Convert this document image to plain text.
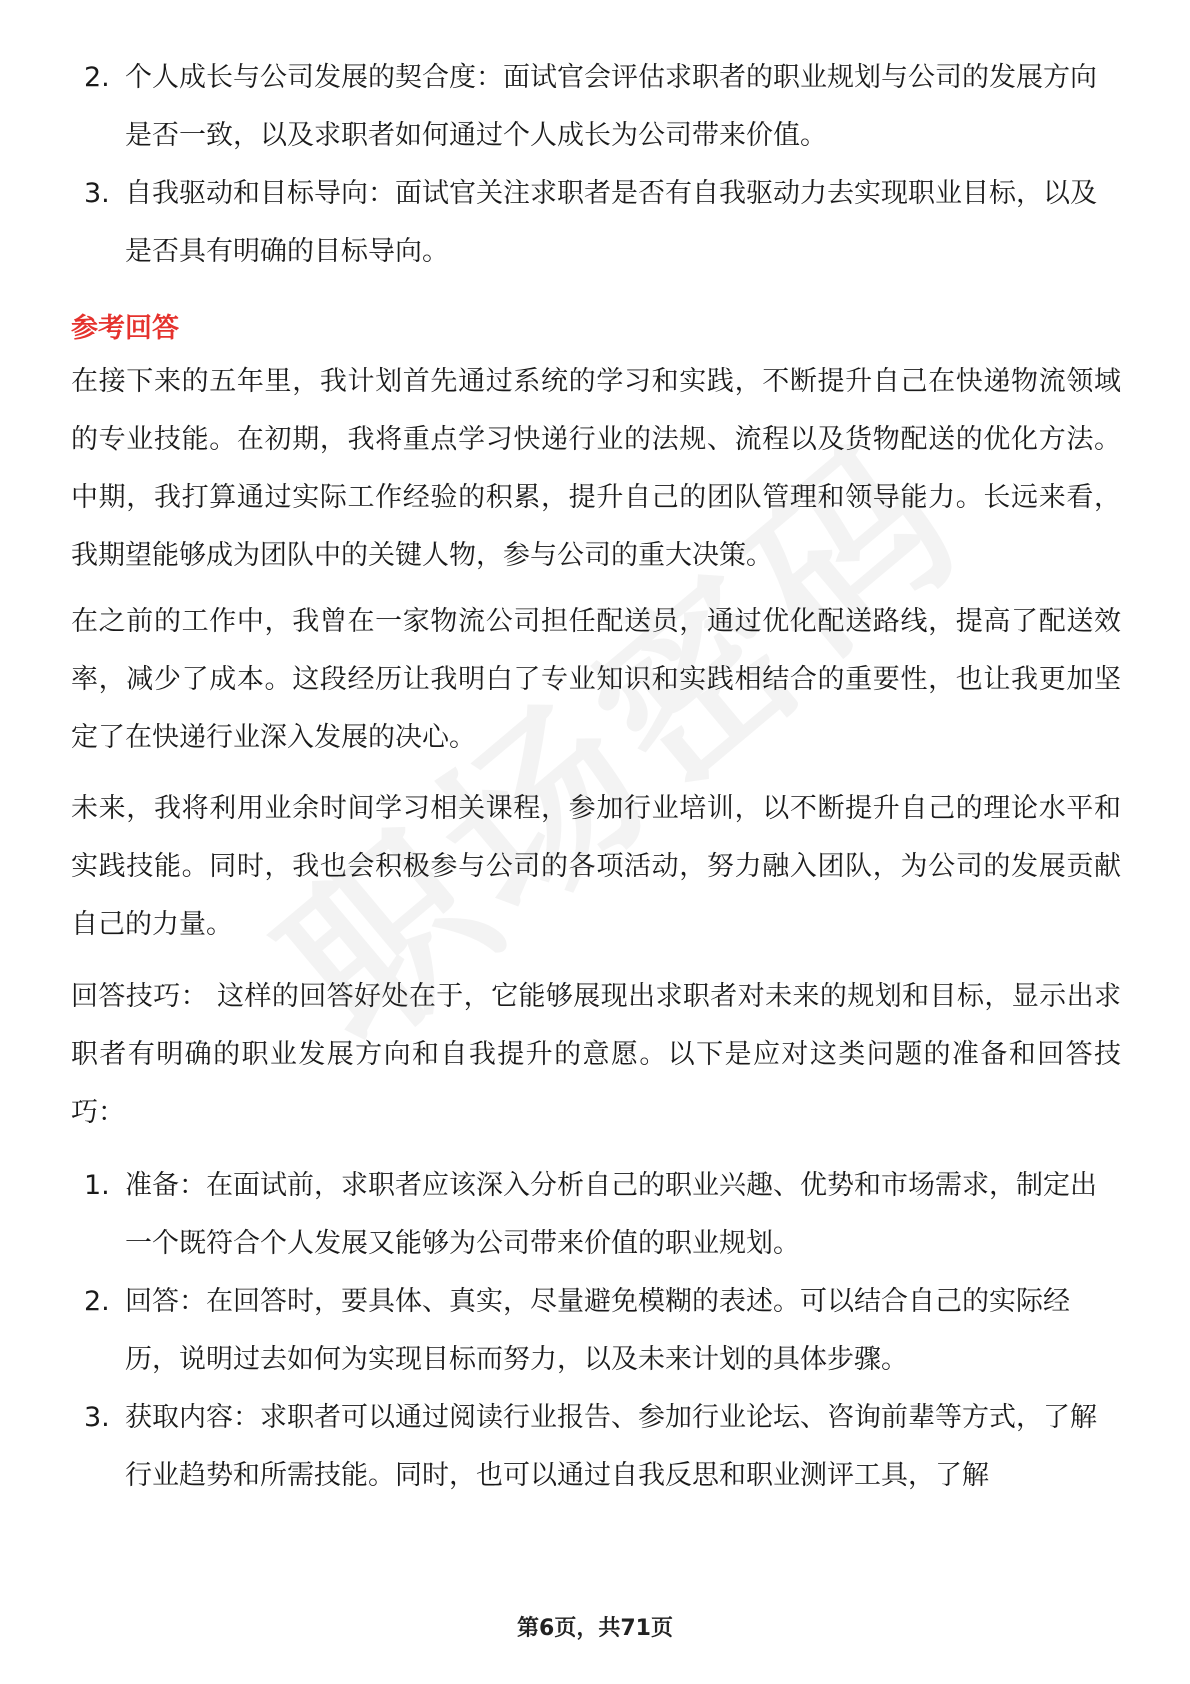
2. 个人成长与公司发展的契合度：面试官会评估求职者的职业规划与公司的发展方向是否一致，以及求职者如何通过个人成长为公司带来价值。
3. 自我驱动和目标导向：面试官关注求职者是否有自我驱动力去实现职业目标，以及是否具有明确的目标导向。
参考回答

在接下来的五年里，我计划首先通过系统的学习和实践，不断提升自己在快递物流领域的专业技能。在初期，我将重点学习快递行业的法规、流程以及货物配送的优化方法。中期，我打算通过实际工作经验的积累，提升自己的团队管理和领导能力。长远来看，我期望能够成为团队中的关键人物，参与公司的重大决策。

在之前的工作中，我曾在一家物流公司担任配送员，通过优化配送路线，提高了配送效率，减少了成本。这段经历让我明白了专业知识和实践相结合的重要性，也让我更加坚定了在快递行业深入发展的决心。

未来，我将利用业余时间学习相关课程，参加行业培训，以不断提升自己的理论水平和实践技能。同时，我也会积极参与公司的各项活动，努力融入团队，为公司的发展贡献自己的力量。

回答技巧： 这样的回答好处在于，它能够展现出求职者对未来的规划和目标，显示出求职者有明确的职业发展方向和自我提升的意愿。以下是应对这类问题的准备和回答技巧：

1. 准备：在面试前，求职者应该深入分析自己的职业兴趣、优势和市场需求，制定出一个既符合个人发展又能够为公司带来价值的职业规划。
2. 回答：在回答时，要具体、真实，尽量避免模糊的表述。可以结合自己的实际经历，说明过去如何为实现目标而努力，以及未来计划的具体步骤。
3. 获取内容：求职者可以通过阅读行业报告、参加行业论坛、咨询前辈等方式，了解行业趋势和所需技能。同时，也可以通过自我反思和职业测评工具，了解
第6页，共71页
